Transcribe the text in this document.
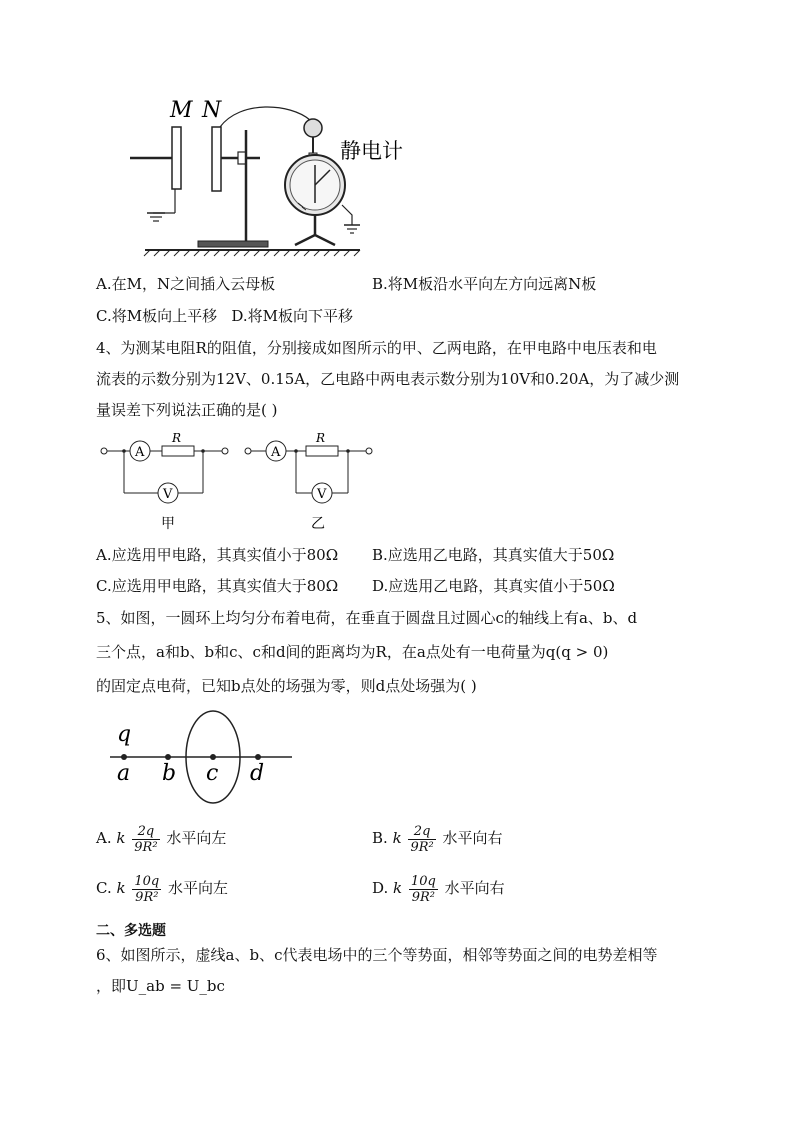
M N
静电计
A.在M，N之间插入云母板	B.将M板沿水平向左方向远离N板
C.将M板向上平移 D.将M板向下平移
4、为测某电阻R的阻值，分别接成如图所示的甲、乙两电路，在甲电路中电压表和电
流表的示数分别为12V、0.15A，乙电路中两电表示数分别为10V和0.20A，为了减少测
量误差下列说法正确的是( )
A
R
V
甲
A
R
V
乙
A.应选用甲电路，其真实值小于80Ω B.应选用乙电路，其真实值大于50Ω
C.应选用甲电路，其真实值大于80Ω D.应选用乙电路，其真实值小于50Ω
5、如图，一圆环上均匀分布着电荷，在垂直于圆盘且过圆心c的轴线上有a、b、d
三个点，a和b、b和c、c和d间的距离均为R，在a点处有一电荷量为q(q > 0)
的固定点电荷，已知b点处的场强为零，则d点处场强为( )
q
a b c d
A. k $\frac{2q}{\text{9R²}}$ 水平向左	B. k $\frac{2q}{\text{9R²}}$ 水平向右
C. k $\frac{10q}{\text{9R²}}$ 水平向左	D. k $\frac{10q}{\text{9R²}}$ 水平向右
二、多选题
6、如图所示，虚线a、b、c代表电场中的三个等势面，相邻等势面之间的电势差相等
，即U_ab = U_bc
